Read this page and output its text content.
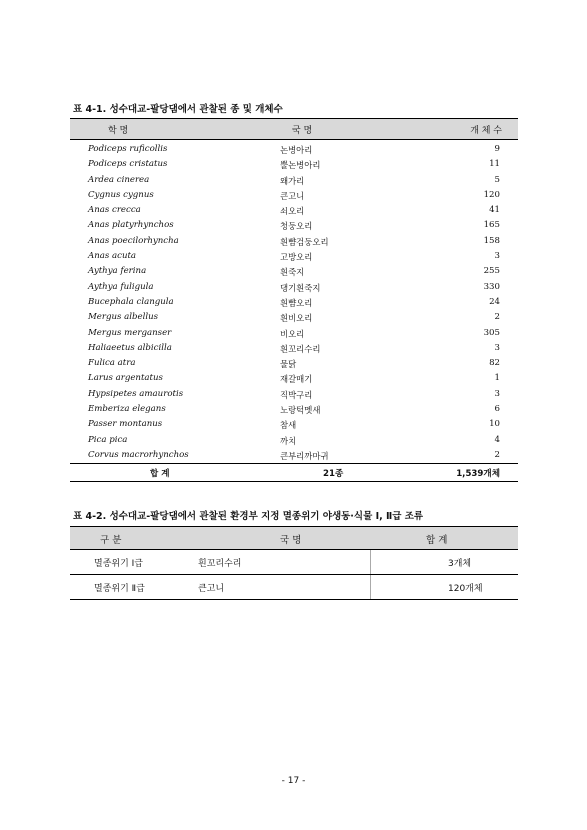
표 4-1. 성수대교-팔당댐에서 관찰된 종 및 개체수
학 명	국 명	개 체 수
Podiceps ruficollis	논병아리	9
Podiceps cristatus	뿔논병아리	11
Ardea cinerea	왜가리	5
Cygnus cygnus	큰고니	120
Anas crecca	쇠오리	41
Anas platyrhynchos	청둥오리	165
Anas poecilorhyncha	흰뺨검둥오리	158
Anas acuta	고방오리	3
Aythya ferina	흰죽지	255
Aythya fuligula	댕기흰죽지	330
Bucephala clangula	흰뺨오리	24
Mergus albellus	흰비오리	2
Mergus merganser	비오리	305
Haliaeetus albicilla	흰꼬리수리	3
Fulica atra	물닭	82
Larus argentatus	재갈매기	1
Hypsipetes amaurotis	직박구리	3
Emberiza elegans	노랑턱멧새	6
Passer montanus	참새	10
Pica pica	까치	4
Corvus macrorhynchos	큰부리까마귀	2
합 계	21종	1,539개체
표 4-2. 성수대교-팔당댐에서 관찰된 환경부 지정 멸종위기 야생동·식물 Ⅰ, Ⅱ급 조류
구 분	국 명	합 계
멸종위기 Ⅰ급	흰꼬리수리	3개체
멸종위기 Ⅱ급	큰고니	120개체
- 17 -
